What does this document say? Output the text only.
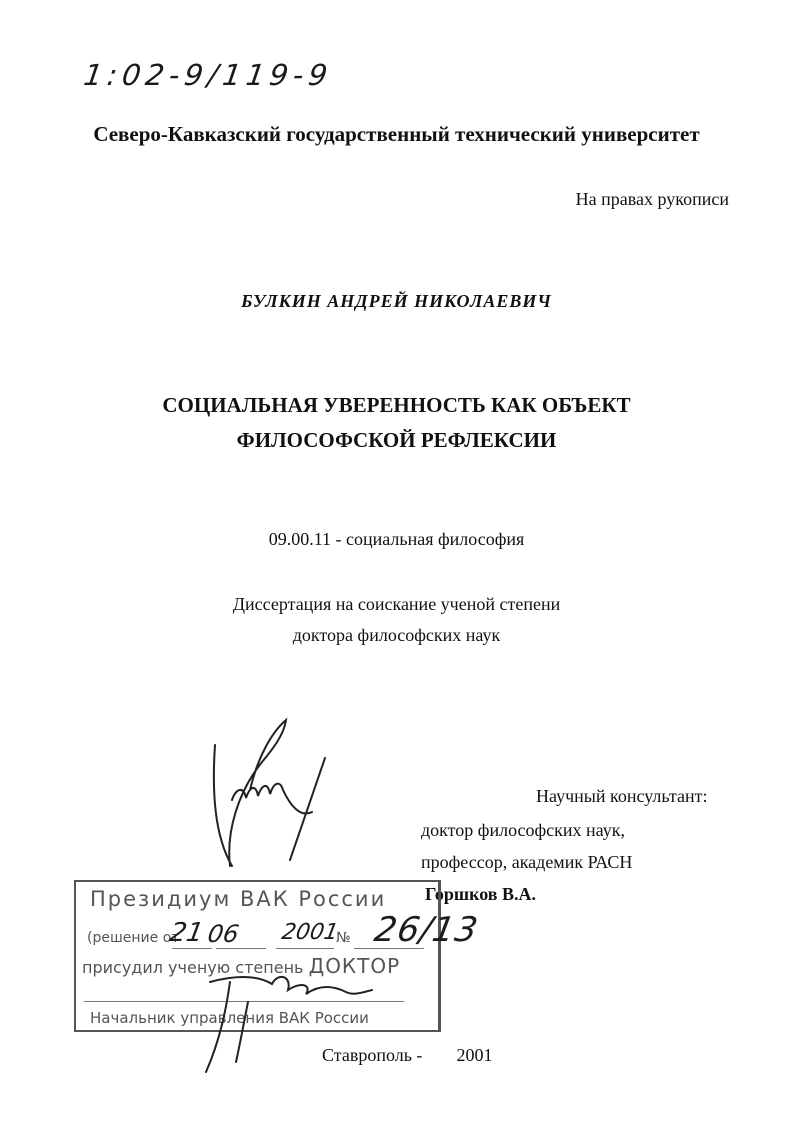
1:02-9/119-9
Северо-Кавказский государственный технический университет
На правах рукописи
БУЛКИН АНДРЕЙ НИКОЛАЕВИЧ
СОЦИАЛЬНАЯ УВЕРЕННОСТЬ КАК ОБЪЕКТ
ФИЛОСОФСКОЙ РЕФЛЕКСИИ
09.00.11 - социальная философия
Диссертация на соискание ученой степени
доктора философских наук
Научный консультант:
доктор философских наук,
профессор, академик РАСН
Горшков В.А.
Президиум ВАК России
(решение от	№
присудил ученую степень ДОКТОР
Начальник управления ВАК России
21 06 2001 26/13
Ставрополь - 2001
